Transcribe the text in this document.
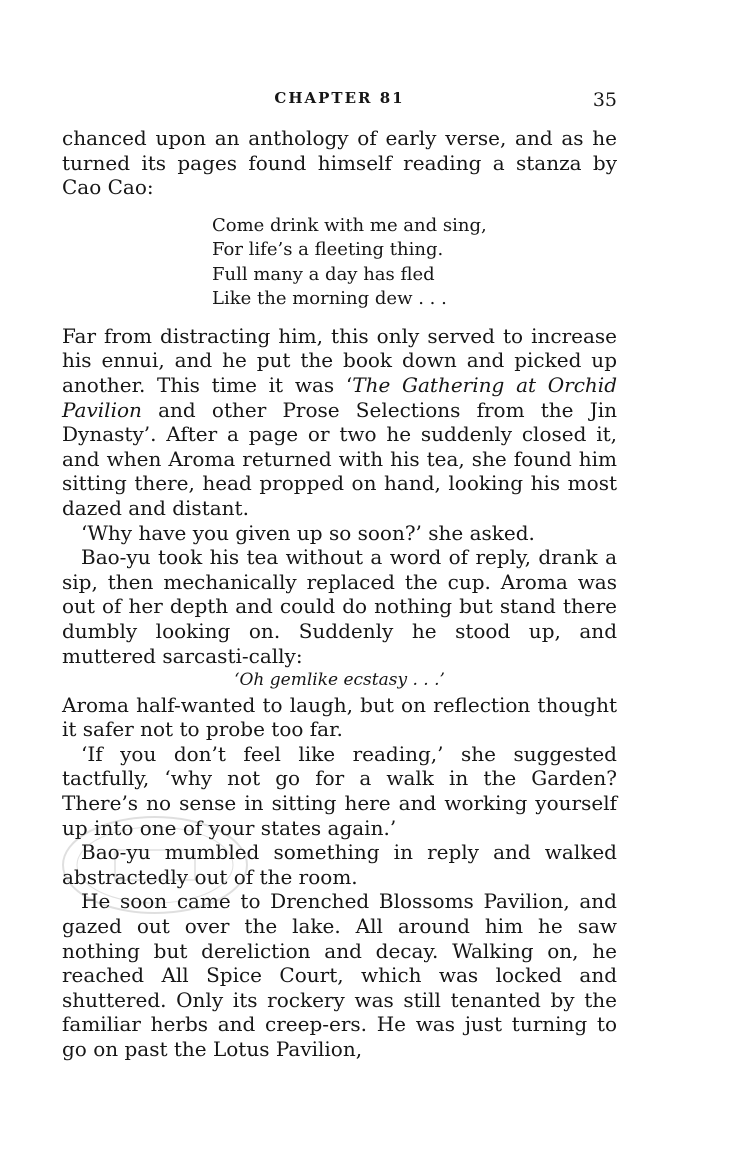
CHAPTER 81	35

chanced upon an anthology of early verse, and as he turned its pages found himself reading a stanza by Cao Cao:

Come drink with me and sing,
For life’s a fleeting thing.
Full many a day has fled
Like the morning dew . . .

Far from distracting him, this only served to increase his ennui, and he put the book down and picked up another. This time it was ‘The Gathering at Orchid Pavilion and other Prose Selections from the Jin Dynasty’. After a page or two he suddenly closed it, and when Aroma returned with his tea, she found him sitting there, head propped on hand, looking his most dazed and distant.

‘Why have you given up so soon?’ she asked.

Bao-yu took his tea without a word of reply, drank a sip, then mechanically replaced the cup. Aroma was out of her depth and could do nothing but stand there dumbly looking on. Suddenly he stood up, and muttered sarcasti-cally:

‘Oh gemlike ecstasy . . .’

Aroma half-wanted to laugh, but on reflection thought it safer not to probe too far.

‘If you don’t feel like reading,’ she suggested tactfully, ‘why not go for a walk in the Garden? There’s no sense in sitting here and working yourself up into one of your states again.’

Bao-yu mumbled something in reply and walked abstractedly out of the room.

He soon came to Drenched Blossoms Pavilion, and gazed out over the lake. All around him he saw nothing but dereliction and decay. Walking on, he reached All Spice Court, which was locked and shuttered. Only its rockery was still tenanted by the familiar herbs and creep-ers. He was just turning to go on past the Lotus Pavilion,
